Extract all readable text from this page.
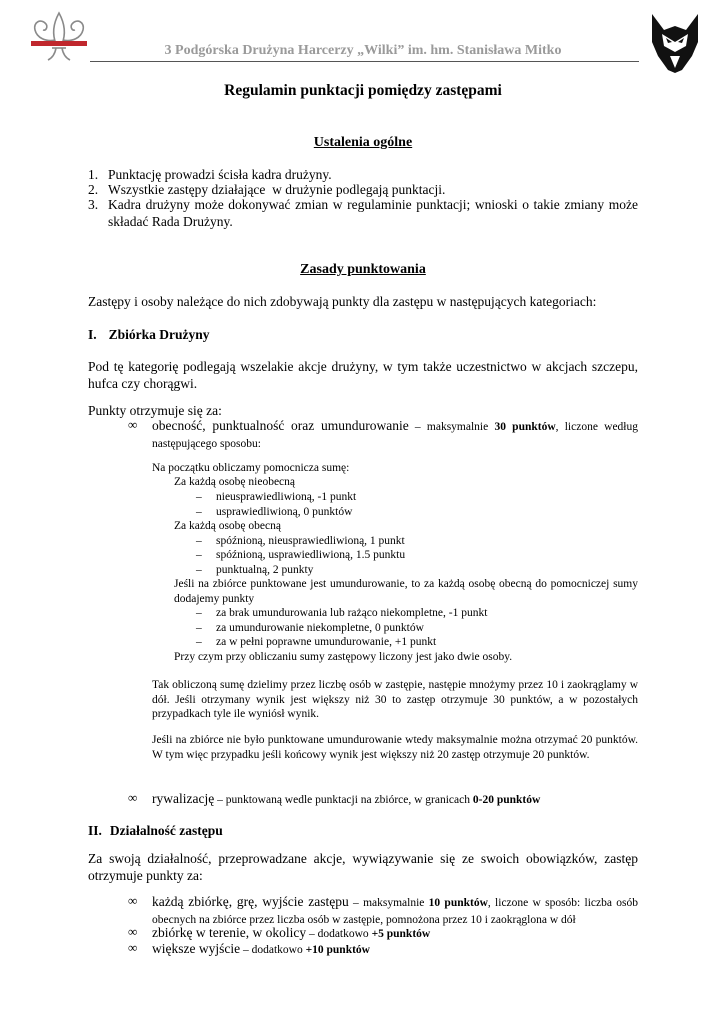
3 Podgórska Drużyna Harcerzy „Wilki” im. hm. Stanisława Mitko
Regulamin punktacji pomiędzy zastępami
Ustalenia ogólne
1. Punktację prowadzi ścisła kadra drużyny.
2. Wszystkie zastępy działające  w drużynie podlegają punktacji.
3. Kadra drużyny może dokonywać zmian w regulaminie punktacji; wnioski o takie zmiany może składać Rada Drużyny.
Zasady punktowania
Zastępy i osoby należące do nich zdobywają punkty dla zastępu w następujących kategoriach:
I. Zbiórka Drużyny
Pod tę kategorię podlegają wszelakie akcje drużyny, w tym także uczestnictwo w akcjach szczepu, hufca czy chorągwi.
Punkty otrzymuje się za:
∞ obecność, punktualność oraz umundurowanie – maksymalnie 30 punktów, liczone według następującego sposobu:
Na początku obliczamy pomocnicza sumę:
Za każdą osobę nieobecną
– nieusprawiedliwioną, -1 punkt
– usprawiedliwioną, 0 punktów
Za każdą osobę obecną
– spóźnioną, nieusprawiedliwioną, 1 punkt
– spóźnioną, usprawiedliwioną, 1.5 punktu
– punktualną, 2 punkty
Jeśli na zbiórce punktowane jest umundurowanie, to za każdą osobę obecną do pomocniczej sumy dodajemy punkty
– za brak umundurowania lub rażąco niekompletne, -1 punkt
– za umundurowanie niekompletne, 0 punktów
– za w pełni poprawne umundurowanie, +1 punkt
Przy czym przy obliczaniu sumy zastępowy liczony jest jako dwie osoby.
Tak obliczoną sumę dzielimy przez liczbę osób w zastępie, następie mnożymy przez 10 i zaokrąglamy w dół. Jeśli otrzymany wynik jest większy niż 30 to zastęp otrzymuje 30 punktów, a w pozostałych przypadkach tyle ile wyniósł wynik.
Jeśli na zbiórce nie było punktowane umundurowanie wtedy maksymalnie można otrzymać 20 punktów. W tym więc przypadku jeśli końcowy wynik jest większy niż 20 zastęp otrzymuje 20 punktów.
∞ rywalizację – punktowaną wedle punktacji na zbiórce, w granicach 0-20 punktów
II. Działalność zastępu
Za swoją działalność, przeprowadzane akcje, wywiązywanie się ze swoich obowiązków, zastęp otrzymuje punkty za:
∞ każdą zbiórkę, grę, wyjście zastępu – maksymalnie 10 punktów, liczone w sposób: liczba osób obecnych na zbiórce przez liczba osób w zastępie, pomnożona przez 10 i zaokrąglona w dół
∞ zbiórkę w terenie, w okolicy – dodatkowo +5 punktów
∞ większe wyjście – dodatkowo +10 punktów
